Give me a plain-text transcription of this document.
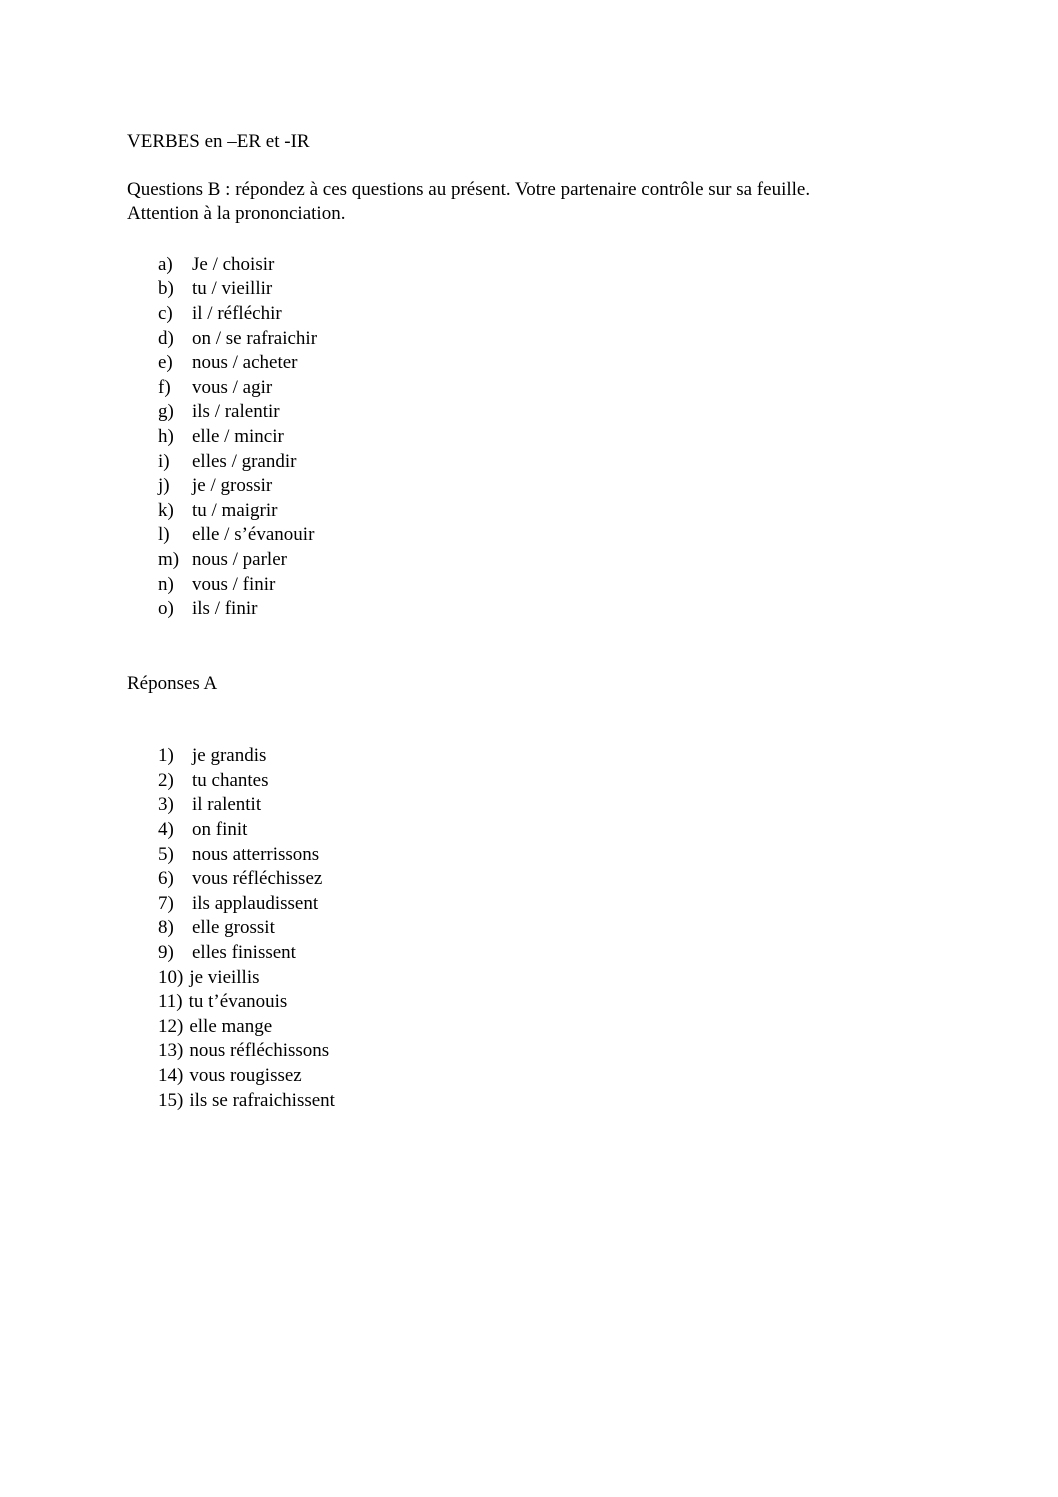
VERBES en –ER et -IR

Questions B : répondez à ces questions au présent. Votre partenaire contrôle sur sa feuille.
Attention à la prononciation.
a) Je / choisir
b) tu / vieillir
c) il / réfléchir
d) on / se rafraichir
e) nous / acheter
f) vous / agir
g) ils / ralentir
h) elle / mincir
i) elles / grandir
j) je / grossir
k) tu / maigrir
l) elle / s’évanouir
m) nous / parler
n) vous / finir
o) ils / finir

Réponses A

1) je grandis
2) tu chantes
3) il ralentit
4) on finit
5) nous atterrissons
6) vous réfléchissez
7) ils applaudissent
8) elle grossit
9) elles finissent
10) je vieillis
11) tu t’évanouis
12) elle mange
13) nous réfléchissons
14) vous rougissez
15) ils se rafraichissent
